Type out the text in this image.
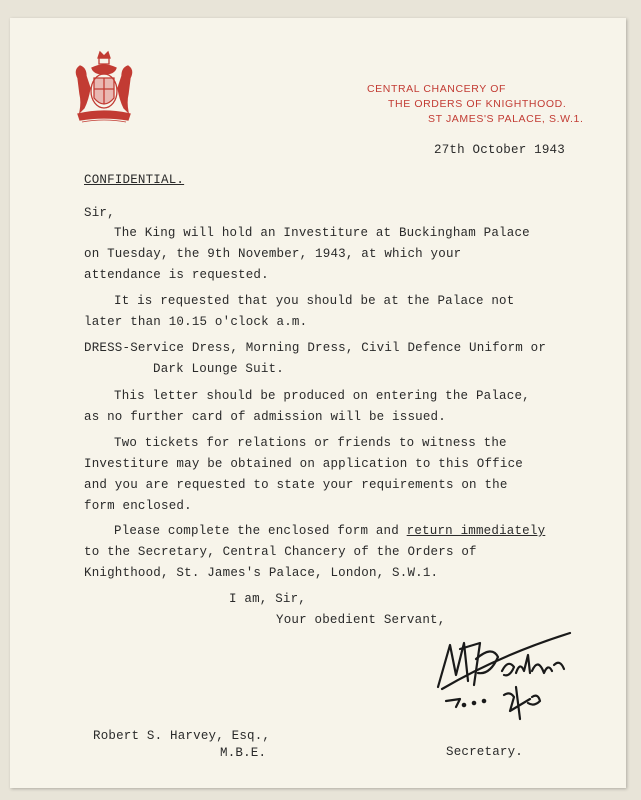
CENTRAL CHANCERY OF
THE ORDERS OF KNIGHTHOOD.
ST JAMES'S PALACE, S.W.1.
27th October 1943
CONFIDENTIAL.
Sir,
The King will hold an Investiture at Buckingham Palace
on Tuesday, the 9th November, 1943, at which your
attendance is requested.
It is requested that you should be at the Palace not
later than 10.15 o'clock a.m.
DRESS-Service Dress, Morning Dress, Civil Defence Uniform or
Dark Lounge Suit.
This letter should be produced on entering the Palace,
as no further card of admission will be issued.
Two tickets for relations or friends to witness the
Investiture may be obtained on application to this Office
and you are requested to state your requirements on the
form enclosed.
Please complete the enclosed form and return immediately
to the Secretary, Central Chancery of the Orders of
Knighthood, St. James's Palace, London, S.W.1.
I am, Sir,
Your obedient Servant,
Robert S. Harvey, Esq.,
M.B.E.	Secretary.
